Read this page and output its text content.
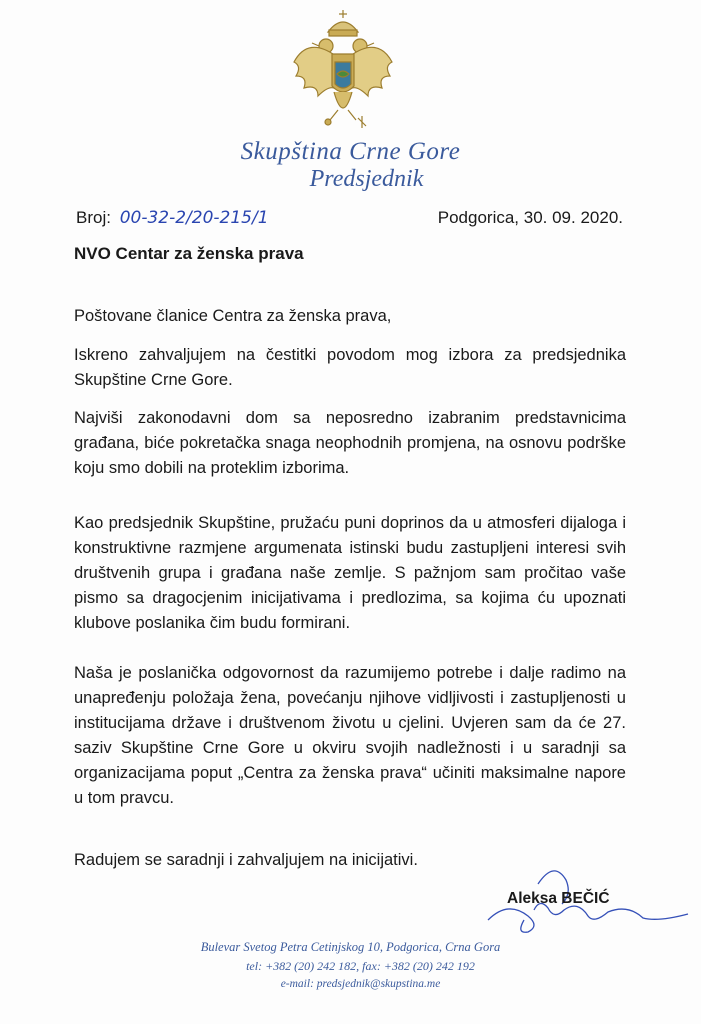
Skupština Crne Gore
Predsjednik
Broj: 00-32-2/20-215/1	Podgorica, 30. 09. 2020.
NVO Centar za ženska prava
Poštovane članice Centra za ženska prava,
Iskreno zahvaljujem na čestitki povodom mog izbora za predsjednika Skupštine Crne Gore.
Najviši zakonodavni dom sa neposredno izabranim predstavnicima građana, biće pokretačka snaga neophodnih promjena, na osnovu podrške koju smo dobili na proteklim izborima.
Kao predsjednik Skupštine, pružaću puni doprinos da u atmosferi dijaloga i konstruktivne razmjene argumenata istinski budu zastupljeni interesi svih društvenih grupa i građana naše zemlje. S pažnjom sam pročitao vaše pismo sa dragocjenim inicijativama i predlozima, sa kojima ću upoznati klubove poslanika čim budu formirani.
Naša je poslanička odgovornost da razumijemo potrebe i dalje radimo na unapređenju položaja žena, povećanju njihove vidljivosti i zastupljenosti u institucijama države i društvenom životu u cjelini. Uvjeren sam da će 27. saziv Skupštine Crne Gore u okviru svojih nadležnosti i u saradnji sa organizacijama poput „Centra za ženska prava“ učiniti maksimalne napore u tom pravcu.
Radujem se saradnji i zahvaljujem na inicijativi.
Aleksa BEČIĆ
Bulevar Svetog Petra Cetinjskog 10, Podgorica, Crna Gora
tel: +382 (20) 242 182, fax: +382 (20) 242 192
e-mail: predsjednik@skupstina.me
